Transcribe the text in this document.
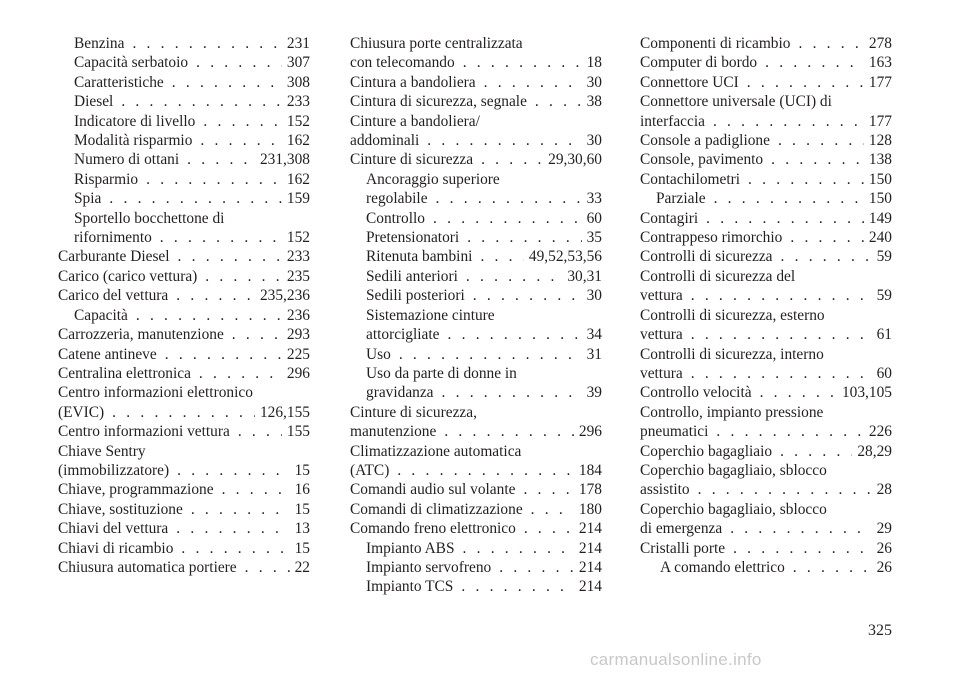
Benzina . . .	231
Capacità serbatoio . . .	307
Caratteristiche . . .	308
Diesel . . .	233
Indicatore di livello . . .	152
Modalità risparmio . . .	162
Numero di ottani . . .	231,308
Risparmio . . .	162
Spia . . .	159
Sportello bocchettone di
rifornimento . . .	152
Carburante Diesel . . .	233
Carico (carico vettura) . . .	235
Carico del vettura . . .	235,236
Capacità . . .	236
Carrozzeria, manutenzione . . .	293
Catene antineve . . .	225
Centralina elettronica . . .	296
Centro informazioni elettronico
(EVIC) . . .	126,155
Centro informazioni vettura . . .	155
Chiave Sentry
(immobilizzatore) . . .	15
Chiave, programmazione . . .	16
Chiave, sostituzione . . .	15
Chiavi del vettura . . .	13
Chiavi di ricambio . . .	15
Chiusura automatica portiere . . .	22
Chiusura porte centralizzata
con telecomando . . .	18
Cintura a bandoliera . . .	30
Cintura di sicurezza, segnale . . .	38
Cinture a bandoliera/
addominali . . .	30
Cinture di sicurezza . . .	29,30,60
Ancoraggio superiore
regolabile . . .	33
Controllo . . .	60
Pretensionatori . . .	35
Ritenuta bambini . . .	49,52,53,56
Sedili anteriori . . .	30,31
Sedili posteriori . . .	30
Sistemazione cinture
attorcigliate . . .	34
Uso . . .	31
Uso da parte di donne in
gravidanza . . .	39
Cinture di sicurezza,
manutenzione . . .	296
Climatizzazione automatica
(ATC) . . .	184
Comandi audio sul volante . . .	178
Comandi di climatizzazione . . .	180
Comando freno elettronico . . .	214
Impianto ABS . . .	214
Impianto servofreno . . .	214
Impianto TCS . . .	214
Componenti di ricambio . . .	278
Computer di bordo . . .	163
Connettore UCI . . .	177
Connettore universale (UCI) di
interfaccia . . .	177
Console a padiglione . . .	128
Console, pavimento . . .	138
Contachilometri . . .	150
Parziale . . .	150
Contagiri . . .	149
Contrappeso rimorchio . . .	240
Controlli di sicurezza . . .	59
Controlli di sicurezza del
vettura . . .	59
Controlli di sicurezza, esterno
vettura . . .	61
Controlli di sicurezza, interno
vettura . . .	60
Controllo velocità . . .	103,105
Controllo, impianto pressione
pneumatici . . .	226
Coperchio bagagliaio . . .	28,29
Coperchio bagagliaio, sblocco
assistito . . .	28
Coperchio bagagliaio, sblocco
di emergenza . . .	29
Cristalli porte . . .	26
A comando elettrico . . .	26
325
carmanualsonline.info
